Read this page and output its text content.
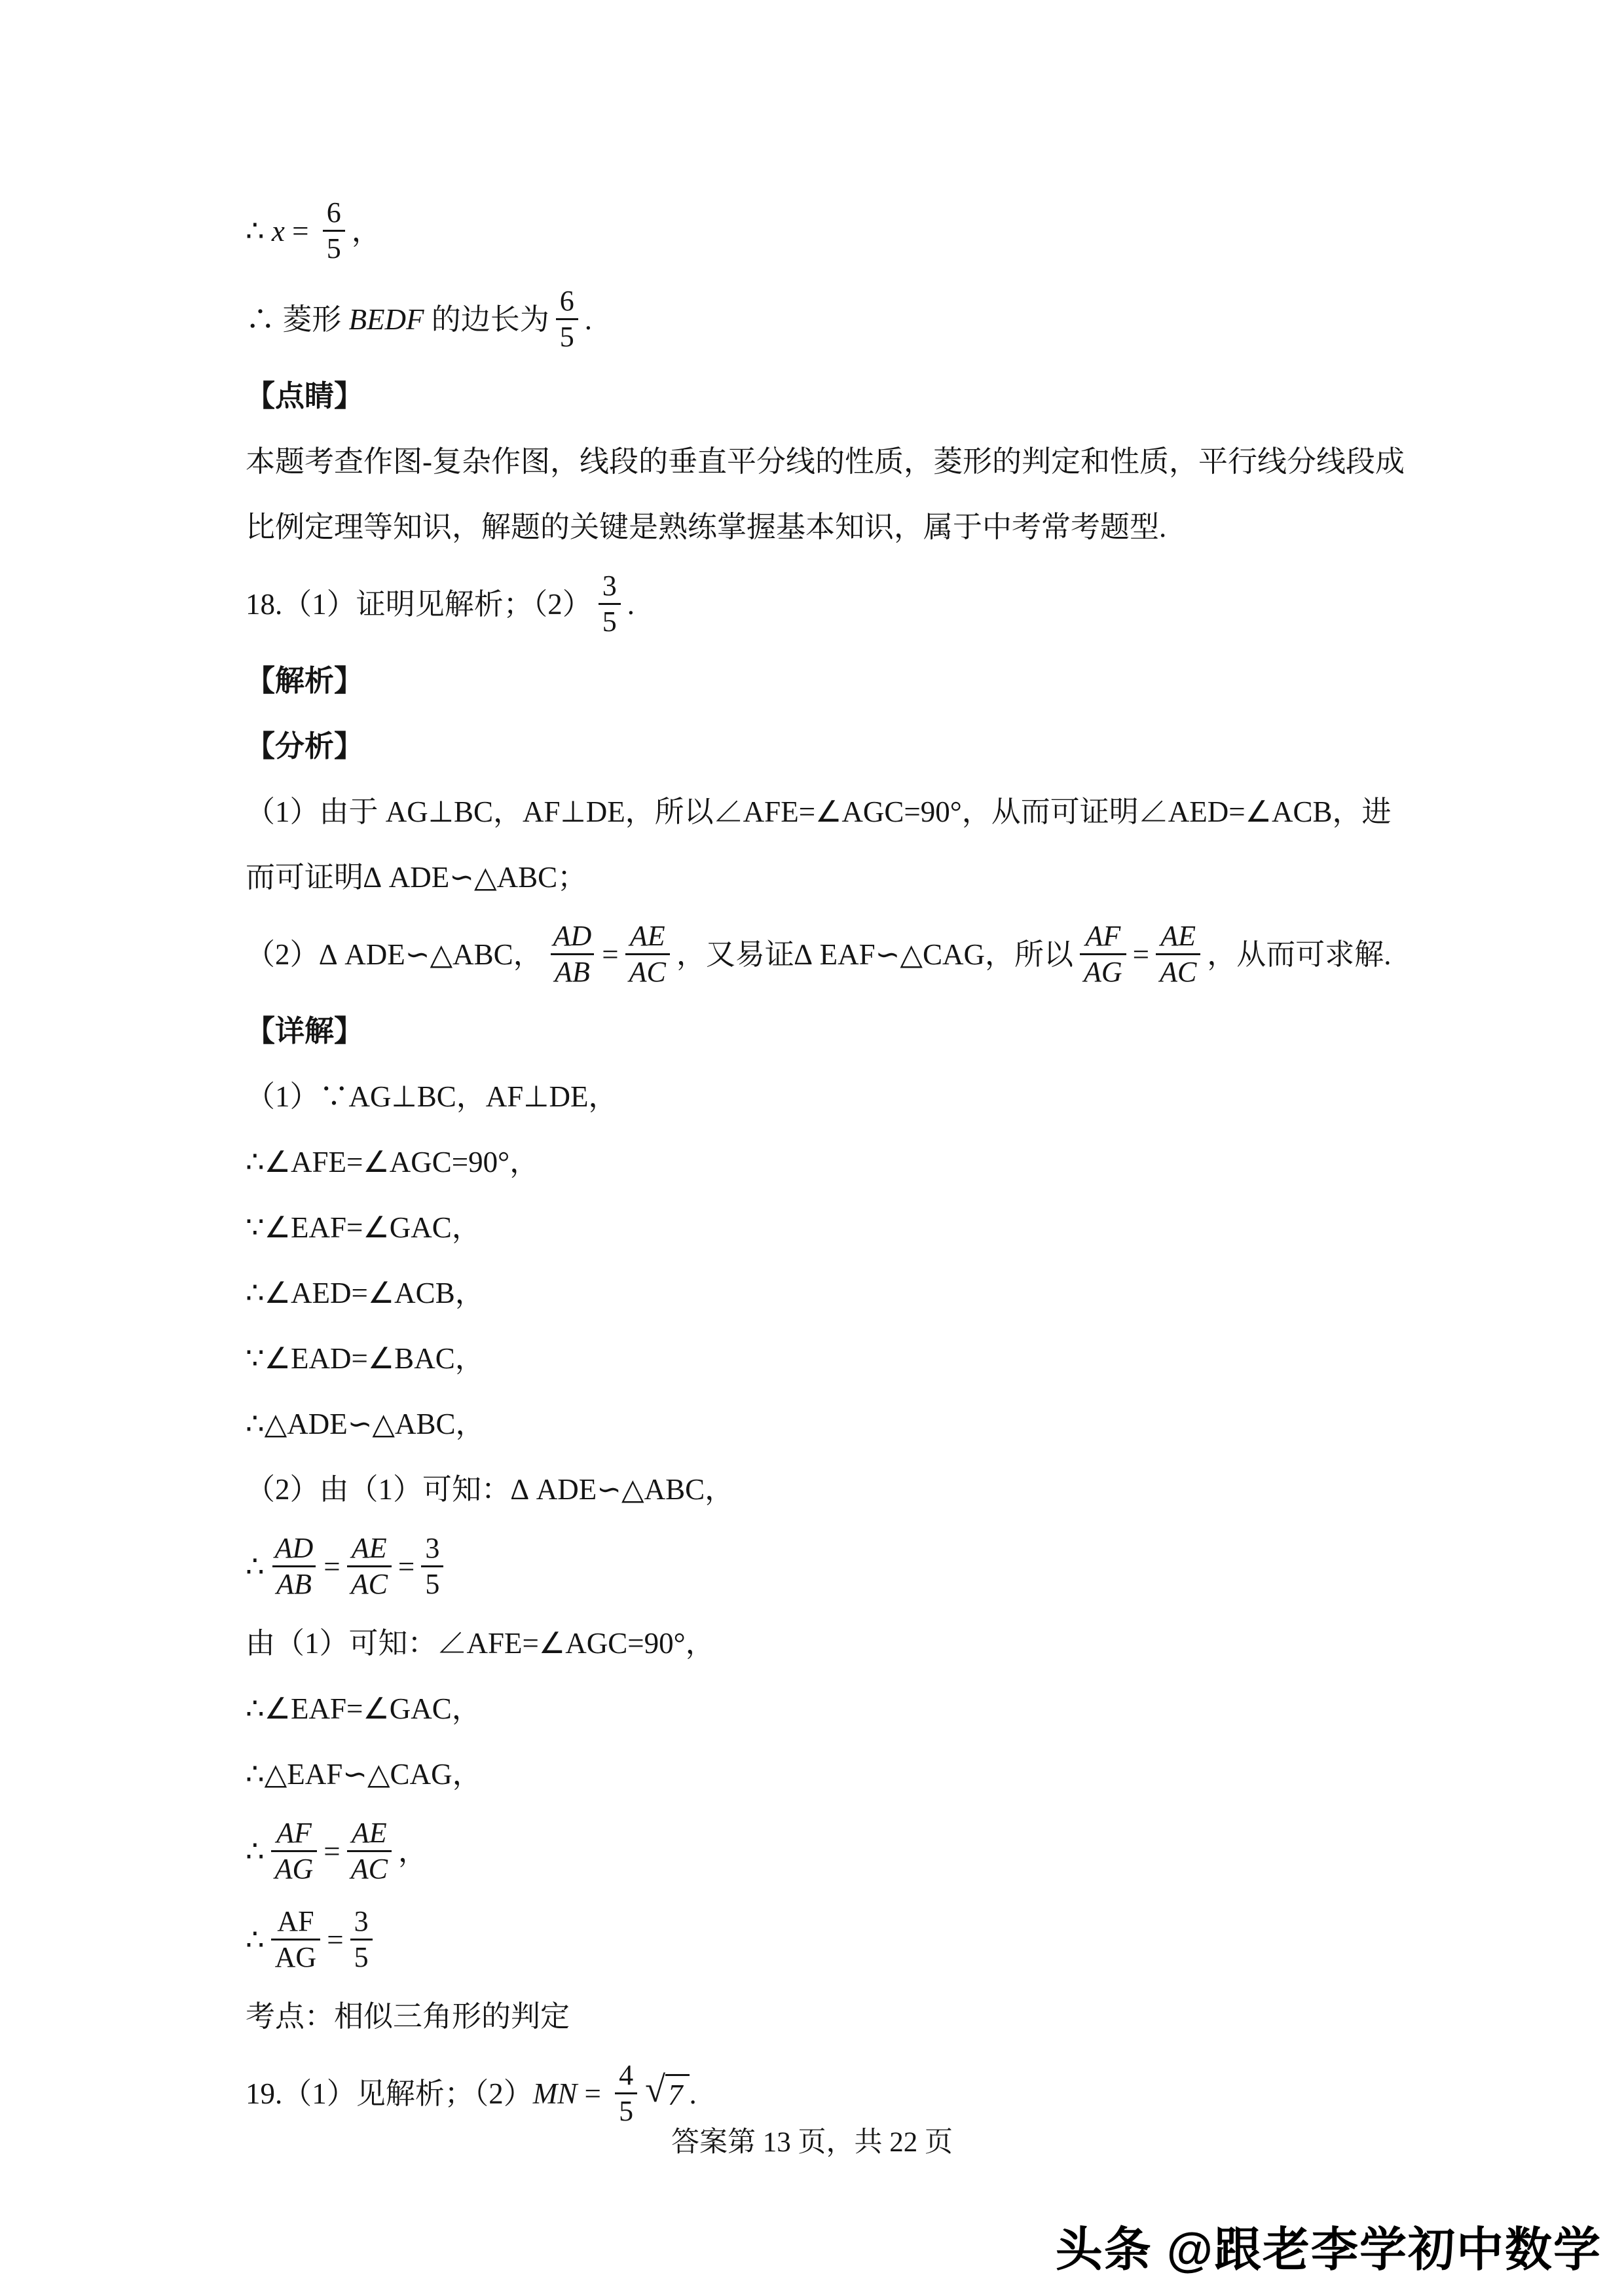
∴ $x = \frac{6}{5}$ ，
∴ 菱形 BEDF 的边长为 $\frac{6}{5}$ .
【点睛】
本题考查作图-复杂作图，线段的垂直平分线的性质，菱形的判定和性质，平行线分线段成
比例定理等知识，解题的关键是熟练掌握基本知识，属于中考常考题型.
18.（1）证明见解析；$(2) \frac{3}{5}$ .
【解析】
【分析】
（1）由于 AG⊥BC，AF⊥DE，所以∠AFE=∠AGC=90°，从而可证明∠AED=∠ACB，进
而可证明∆ ADE∽△ABC；
（2）∆ ADE∽△ABC， $\frac{AD}{AB} = \frac{AE}{AC}$ ，又易证∆ EAF∽△CAG，所以 $\frac{AF}{AG} = \frac{AE}{AC}$ ，从而可求解.
【详解】
（1）∵AG⊥BC，AF⊥DE，
∴∠AFE=∠AGC=90°，
∵∠EAF=∠GAC，
∴∠AED=∠ACB，
∵∠EAD=∠BAC，
∴△ADE∽△ABC，
（2）由（1）可知：∆ ADE∽△ABC，
∴ $\frac{AD}{AB} = \frac{AE}{AC} = \frac{3}{5}$
由（1）可知：∠AFE=∠AGC=90°，
∴∠EAF=∠GAC，
∴△EAF∽△CAG，
∴ $\frac{AF}{AG} = \frac{AE}{AC}$ ，
∴ $\frac{AF}{AG} = \frac{3}{5}$
考点：相似三角形的判定
19.（1）见解析；（2） MN = $\frac{4}{5}$ √ 7 .
答案第 13 页，共 22 页
头条 @跟老李学初中数学
